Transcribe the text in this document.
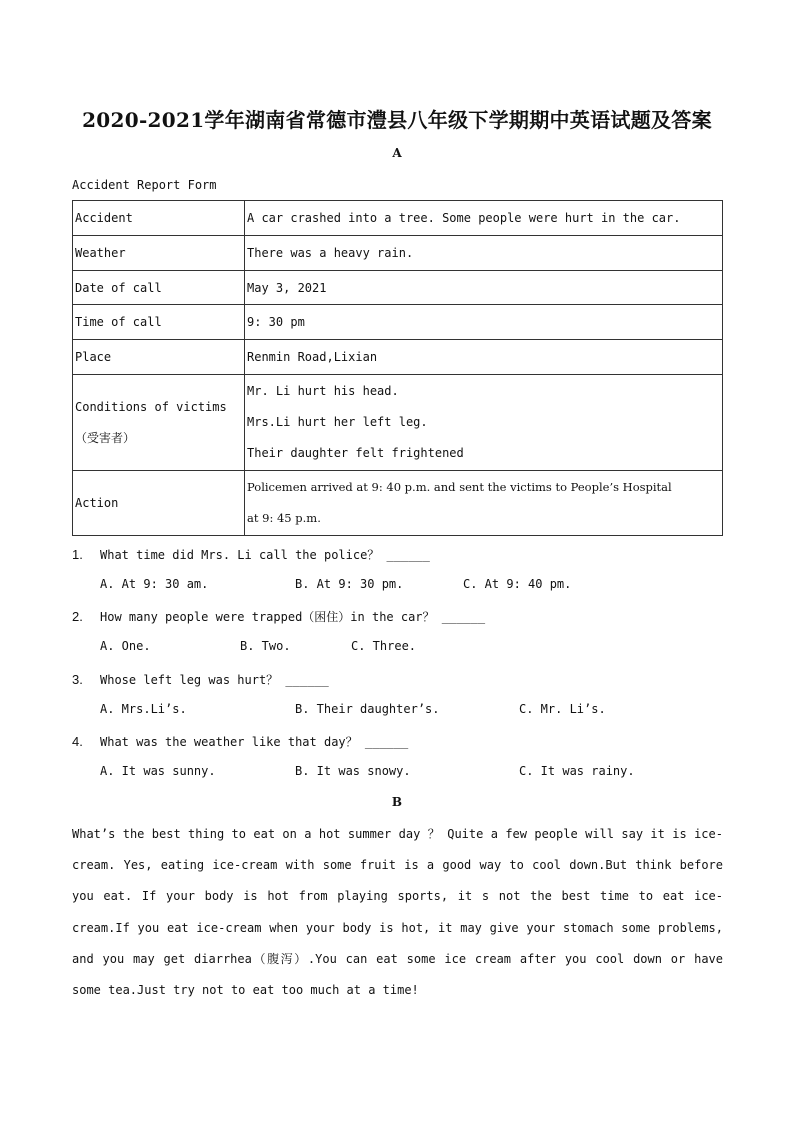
2020-2021学年湖南省常德市澧县八年级下学期期中英语试题及答案
A
Accident Report Form
Accident	A car crashed into a tree. Some people were hurt in the car.
Weather	There was a heavy rain.
Date of call	May 3, 2021
Time of call	9: 30 pm
Place	Renmin Road,Lixian
Conditions of victims（受害者）	Mr. Li hurt his head.
Mrs.Li hurt her left leg.
Their daughter felt frightened

Action	Policemen arrived at 9: 40 p.m. and sent the victims to People’s Hospital
at 9: 45 p.m.
1. What time did Mrs. Li call the police？ ______
A. At 9: 30 am.	B. At 9: 30 pm.	C. At 9: 40 pm.
2. How many people were trapped（困住）in the car？ ______
A. One.	B. Two.	C. Three.
3. Whose left leg was hurt？ ______
A. Mrs.Li’s.	B. Their daughter’s.	C. Mr. Li’s.
4. What was the weather like that day？ ______
A. It was sunny.	B. It was snowy.	C. It was rainy.
B

What’s the best thing to eat on a hot summer day ？ Quite a few people will say it is ice-cream. Yes, eating ice-cream with some fruit is a good way to cool down.But think before you eat. If your body is hot from playing sports, it s not the best time to eat ice-cream.If you eat ice-cream when your body is hot, it may give your stomach some problems, and you may get diarrhea（腹泻）.You can eat some ice cream after you cool down or have some tea.Just try not to eat too much at a time!
